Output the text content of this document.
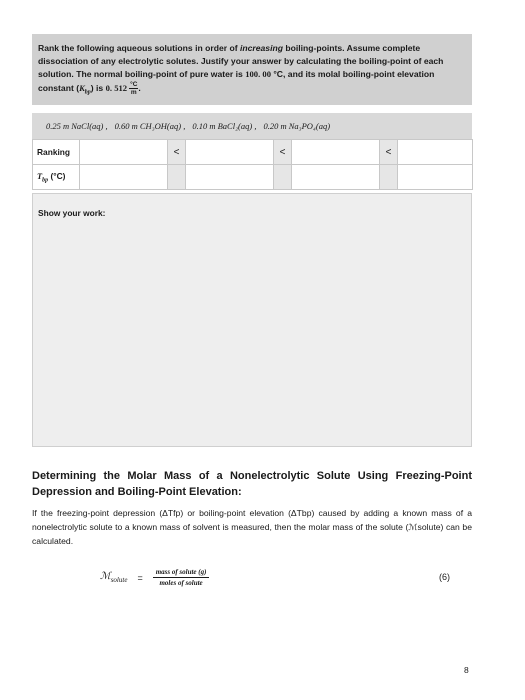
Rank the following aqueous solutions in order of increasing boiling-points. Assume complete dissociation of any electrolytic solutes. Justify your answer by calculating the boiling-point of each solution. The normal boiling-point of pure water is 100. 00 °C, and its molal boiling-point elevation constant $(K_{bp})$ is 0. $512 \frac{^\circ C}{m}$ .
0.25 m NaCl(aq) , 0.60 m CH₃OH(aq) , 0.10 m BaCl₂(aq) , 0.20 m Na₃PO₄(aq)
Ranking		<		<		<	
$T_{bp}$ (°C)							
Show your work:
Determining the Molar Mass of a Nonelectrolytic Solute Using Freezing-Point Depression and Boiling-Point Elevation:

If the freezing-point depression (ΔTfp) or boiling-point elevation (ΔTbp) caused by adding a known mass of a nonelectrolytic solute to a known mass of solvent is measured, then the molar mass of the solute (ℳsolute) can be calculated.

ℳ$_{solute}$ = $\frac{\text{mass of solute (g)}}{\text{moles of solute}}$	(6)
8
